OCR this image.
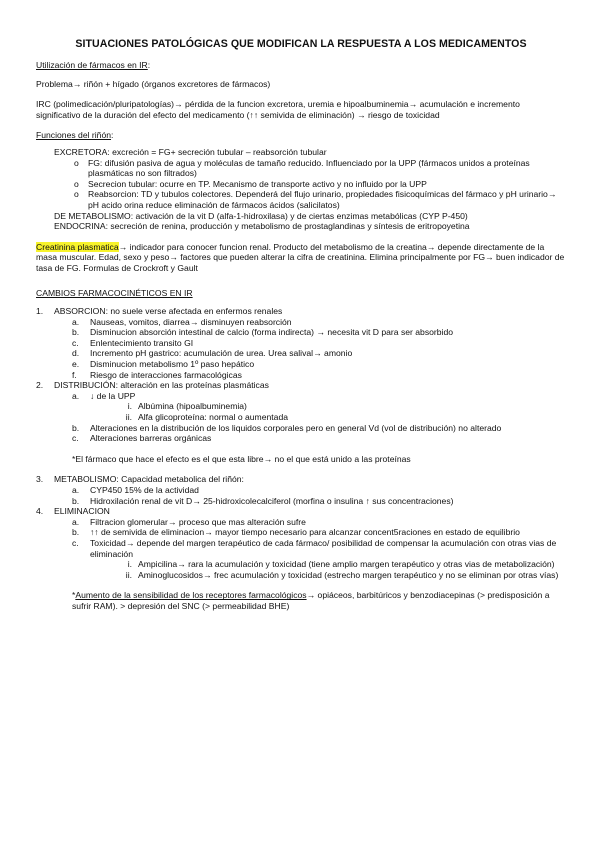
SITUACIONES PATOLÓGICAS QUE MODIFICAN LA RESPUESTA A LOS MEDICAMENTOS

Utilización de fármacos en IR:

Problema→ riñón + hígado (órganos excretores de fármacos)

IRC (polimedicación/pluripatologías)→ pérdida de la funcion excretora, uremia e hipoalbuminemia→ acumulación e incremento significativo de la duración del efecto del medicamento (↑↑ semivida de eliminación) → riesgo de toxicidad

Funciones del riñón:

EXCRETORA: excreción = FG+ secreción tubular – reabsorción tubular
o	FG: difusión pasiva de agua y moléculas de tamaño reducido. Influenciado por la UPP (fármacos unidos a proteínas plasmáticas no son filtrados)
o	Secrecion tubular: ocurre en TP. Mecanismo de transporte activo y no influido por la UPP
o	Reabsorcion: TD y tubulos colectores. Dependerá del flujo urinario, propiedades fisicoquímicas del fármaco y pH urinario→ pH acido orina reduce eliminación de fármacos ácidos (salicilatos)
DE METABOLISMO: activación de la vit D (alfa-1-hidroxilasa) y de ciertas enzimas metabólicas (CYP P-450)
ENDOCRINA: secreción de renina, producción y metabolismo de prostaglandinas y síntesis de eritropoyetina

Creatinina plasmatica→ indicador para conocer funcion renal. Producto del metabolismo de la creatina→ depende directamente de la masa muscular. Edad, sexo y peso→ factores que pueden alterar la cifra de creatinina. Elimina principalmente por FG→ buen indicador de tasa de FG. Formulas de Crockroft y Gault

CAMBIOS FARMACOCINÉTICOS EN IR

1.	ABSORCION: no suele verse afectada en enfermos renales
a.	Nauseas, vomitos, diarrea→ disminuyen reabsorción
b.	Disminucion absorción intestinal de calcio (forma indirecta) → necesita vit D para ser absorbido
c.	Enlentecimiento transito GI
d.	Incremento pH gastrico: acumulación de urea. Urea salival→ amonio
e.	Disminucion metabolismo 1º paso hepático
f.	Riesgo de interacciones farmacológicas
2.	DISTRIBUCIÓN: alteración en las proteínas plasmáticas
a.	↓ de la UPP
i. Albúmina (hipoalbuminemia)
ii. Alfa glicoproteína: normal o aumentada
b.	Alteraciones en la distribución de los liquidos corporales pero en general Vd (vol de distribución) no alterado
c.	Alteraciones barreras orgánicas

*El fármaco que hace el efecto es el que esta libre→ no el que está unido a las proteínas

3.	METABOLISMO: Capacidad metabolica del riñón:
a.	CYP450 15% de la actividad
b.	Hidroxilación renal de vit D→ 25-hidroxicolecalciferol (morfina o insulina ↑ sus concentraciones)
4.	ELIMINACION
a.	Filtracion glomerular→ proceso que mas alteración sufre
b.	↑↑ de semivida de eliminacion→ mayor tiempo necesario para alcanzar concent5raciones en estado de equilibrio
c.	Toxicidad→ depende del margen terapéutico de cada fármaco/ posibilidad de compensar la acumulación con otras vias de eliminación
i. Ampicilina→ rara la acumulación y toxicidad (tiene amplio margen terapéutico y otras vias de metabolización)
ii. Aminoglucosidos→ frec acumulación y toxicidad (estrecho margen terapéutico y no se eliminan por otras vías)

*Aumento de la sensibilidad de los receptores farmacológicos→ opiáceos, barbitúricos y benzodiacepinas (> predisposición a sufrir RAM). > depresión del SNC (> permeabilidad BHE)
